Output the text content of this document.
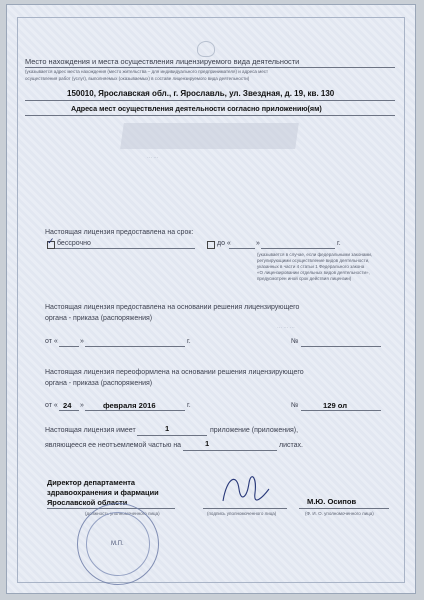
Место нахождения и места осуществления лицензируемого вида деятельности
(указывается адрес места нахождения (место жительства – для индивидуального предпринимателя) и адреса мест
осуществления работ (услуг), выполняемых (оказываемых) в составе лицензируемого вида деятельности)
150010, Ярославская обл., г. Ярославль, ул. Звездная, д. 19, кв. 130
Адреса мест осуществления деятельности согласно приложению(ям)
Настоящая лицензия предоставлена на срок:
✓ бессрочно	до «	»	г.
(указывается в случае, если федеральными законами,
регулирующими осуществление видов деятельности,
указанных в части 4 статьи 1 Федерального закона
«О лицензировании отдельных видов деятельности»,
предусмотрен иной срок действия лицензии)
Настоящая лицензия предоставлена на основании решения лицензирующего
органа - приказа (распоряжения)
от «	»	г.	№
Настоящая лицензия переоформлена на основании решения лицензирующего
органа - приказа (распоряжения)
от « 24 »	февраля 2016	г.	№	129 ол
Настоящая лицензия имеет	1	приложение (приложения),
являющееся ее неотъемлемой частью на	1	листах.
Директор департамента
здравоохранения и фармации
Ярославской области
(должность уполномоченного лица)	(подпись уполномоченного лица)
М.Ю. Осипов
(Ф. И. О. уполномоченного лица)
М.П.
··· ···
··· ··· ···
